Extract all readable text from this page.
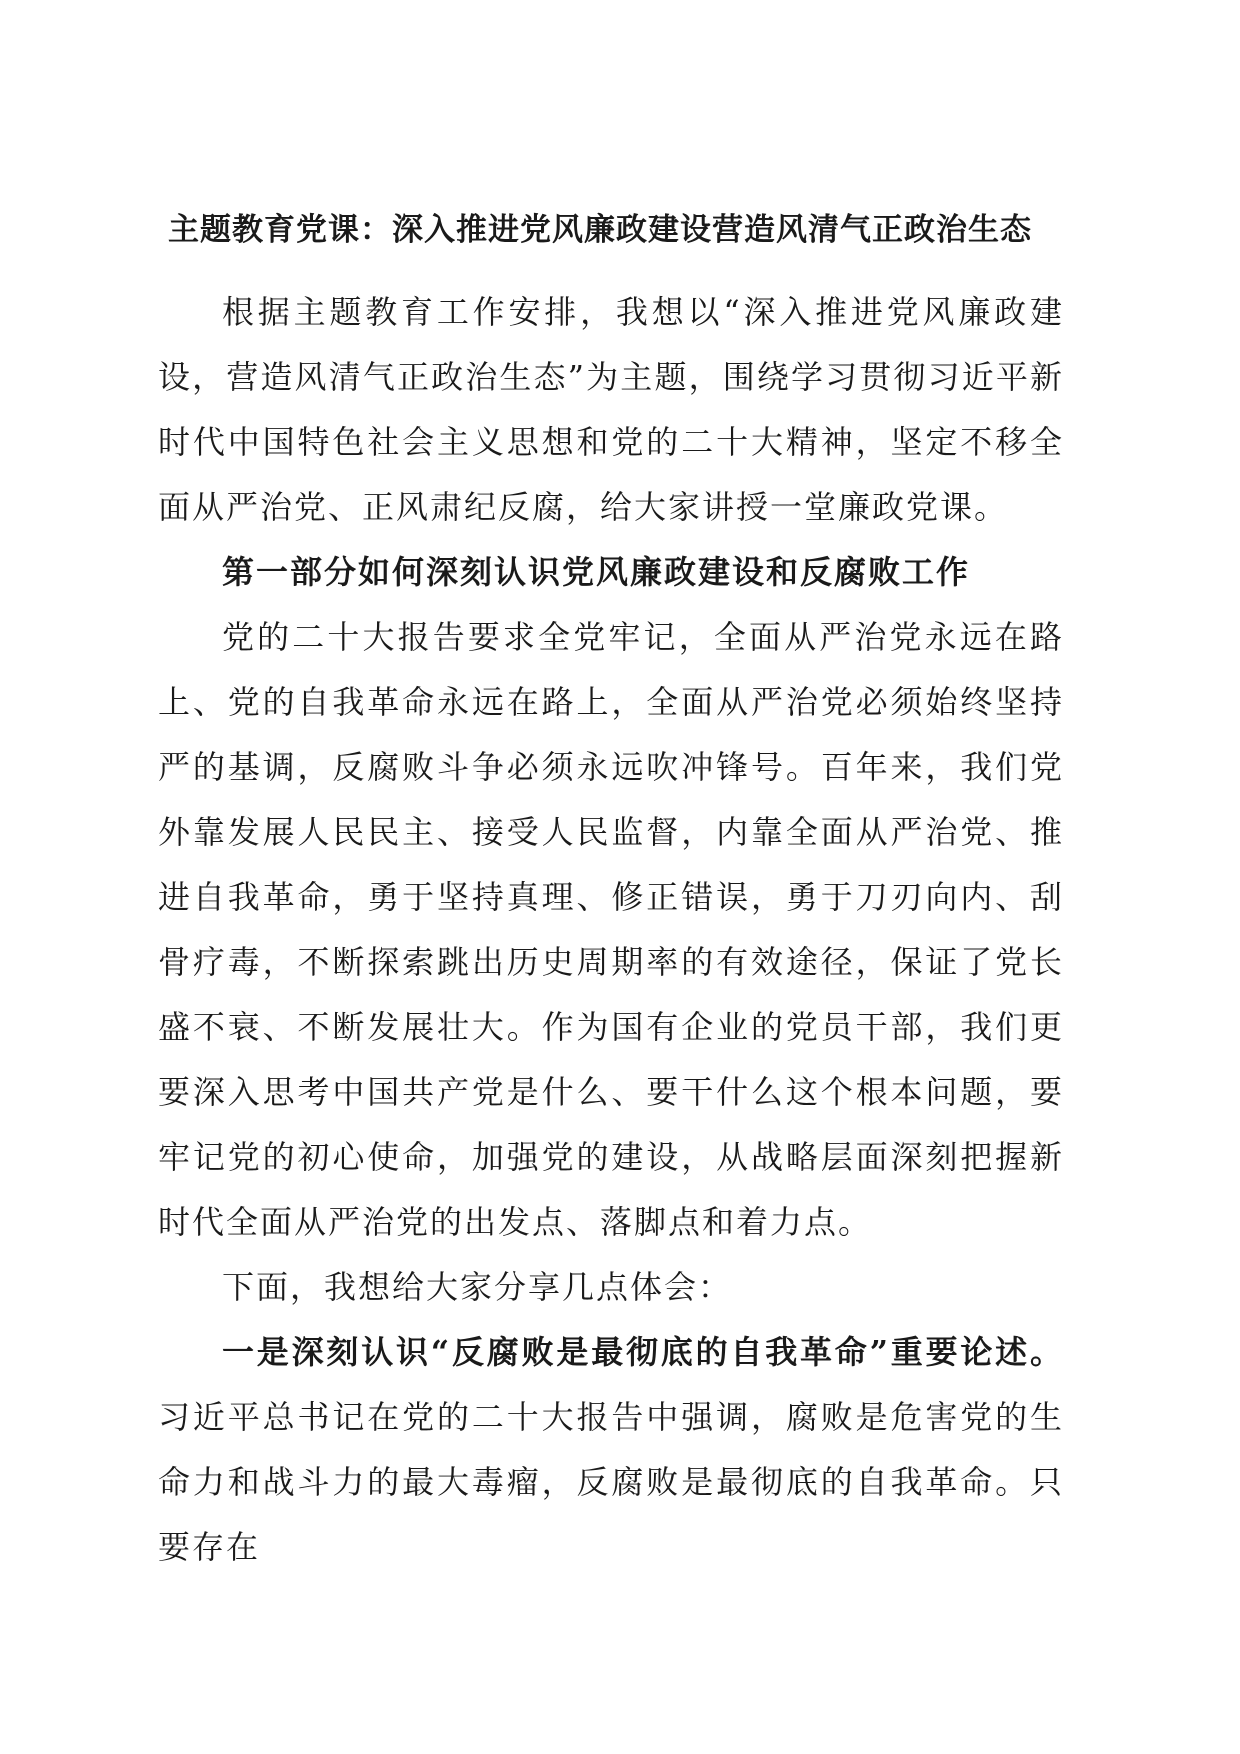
主题教育党课：深入推进党风廉政建设营造风清气正政治生态

根据主题教育工作安排，我想以“深入推进党风廉政建设，营造风清气正政治生态”为主题，围绕学习贯彻习近平新时代中国特色社会主义思想和党的二十大精神，坚定不移全面从严治党、正风肃纪反腐，给大家讲授一堂廉政党课。

第一部分如何深刻认识党风廉政建设和反腐败工作

党的二十大报告要求全党牢记，全面从严治党永远在路上、党的自我革命永远在路上，全面从严治党必须始终坚持严的基调，反腐败斗争必须永远吹冲锋号。百年来，我们党外靠发展人民民主、接受人民监督，内靠全面从严治党、推进自我革命，勇于坚持真理、修正错误，勇于刀刃向内、刮骨疗毒，不断探索跳出历史周期率的有效途径，保证了党长盛不衰、不断发展壮大。作为国有企业的党员干部，我们更要深入思考中国共产党是什么、要干什么这个根本问题，要牢记党的初心使命，加强党的建设，从战略层面深刻把握新时代全面从严治党的出发点、落脚点和着力点。

下面，我想给大家分享几点体会：

一是深刻认识“反腐败是最彻底的自我革命”重要论述。习近平总书记在党的二十大报告中强调，腐败是危害党的生命力和战斗力的最大毒瘤，反腐败是最彻底的自我革命。只要存在
